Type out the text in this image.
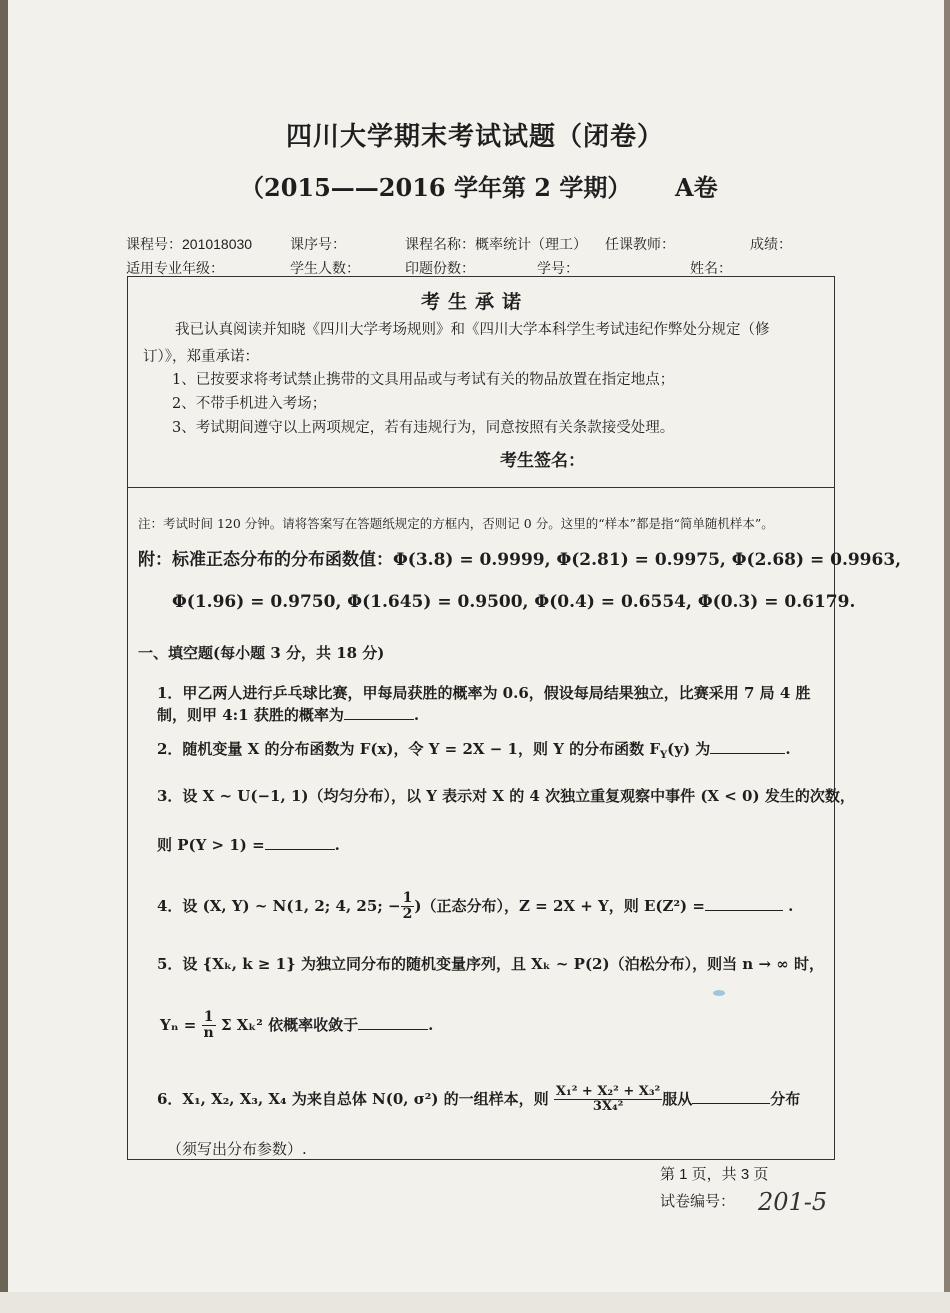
四川大学期末考试试题（闭卷）
（2015——2016 学年第 2 学期） A卷
课程号：201018030	课序号：	课程名称：概率统计（理工） 任课教师：	成绩：
适用专业年级：	学生人数：	印题份数：	学号：	姓名：
考生承诺
我已认真阅读并知晓《四川大学考场规则》和《四川大学本科学生考试违纪作弊处分规定（修
订）》，郑重承诺：
1、已按要求将考试禁止携带的文具用品或与考试有关的物品放置在指定地点；
2、不带手机进入考场；
3、考试期间遵守以上两项规定，若有违规行为，同意按照有关条款接受处理。
考生签名：
注：考试时间 120 分钟。请将答案写在答题纸规定的方框内，否则记 0 分。这里的“样本”都是指“简单随机样本”。
附：标准正态分布的分布函数值：Φ(3.8) = 0.9999, Φ(2.81) = 0.9975, Φ(2.68) = 0.9963,
Φ(1.96) = 0.9750, Φ(1.645) = 0.9500, Φ(0.4) = 0.6554, Φ(0.3) = 0.6179.
一、填空题(每小题 3 分，共 18 分)
1．甲乙两人进行乒乓球比赛，甲每局获胜的概率为 0.6，假设每局结果独立，比赛采用 7 局 4 胜
制，则甲 4:1 获胜的概率为	.
2．随机变量 X 的分布函数为 F(x)，令 Y = 2X − 1，则 Y 的分布函数 $F_Y(y)$ 为	.
3．设 X ~ U(−1, 1)（均匀分布），以 Y 表示对 X 的 4 次独立重复观察中事件 (X < 0) 发生的次数，
则 P(Y > 1) =	.
4．设 (X, Y) ~ N(1, 2; 4, 25; − $\frac{1}{2}$ )（正态分布），Z = 2X + Y，则 E(Z²) =	.
5．设 {Xₖ, k ≥ 1} 为独立同分布的随机变量序列，且 Xₖ ~ P(2)（泊松分布），则当 n → ∞ 时，
$Y_n = \frac{1}{n}$ Σ Xₖ² 依概率收敛于	.
6．X₁, X₂, X₃, X₄ 为来自总体 N(0, σ²) 的一组样本，则 $\frac{\text{X₁² + X₂² + X₃²}}{\text{3X₄²}}$ 服从	分布
（须写出分布参数）.
第 1 页，共 3 页
试卷编号： 201-5
